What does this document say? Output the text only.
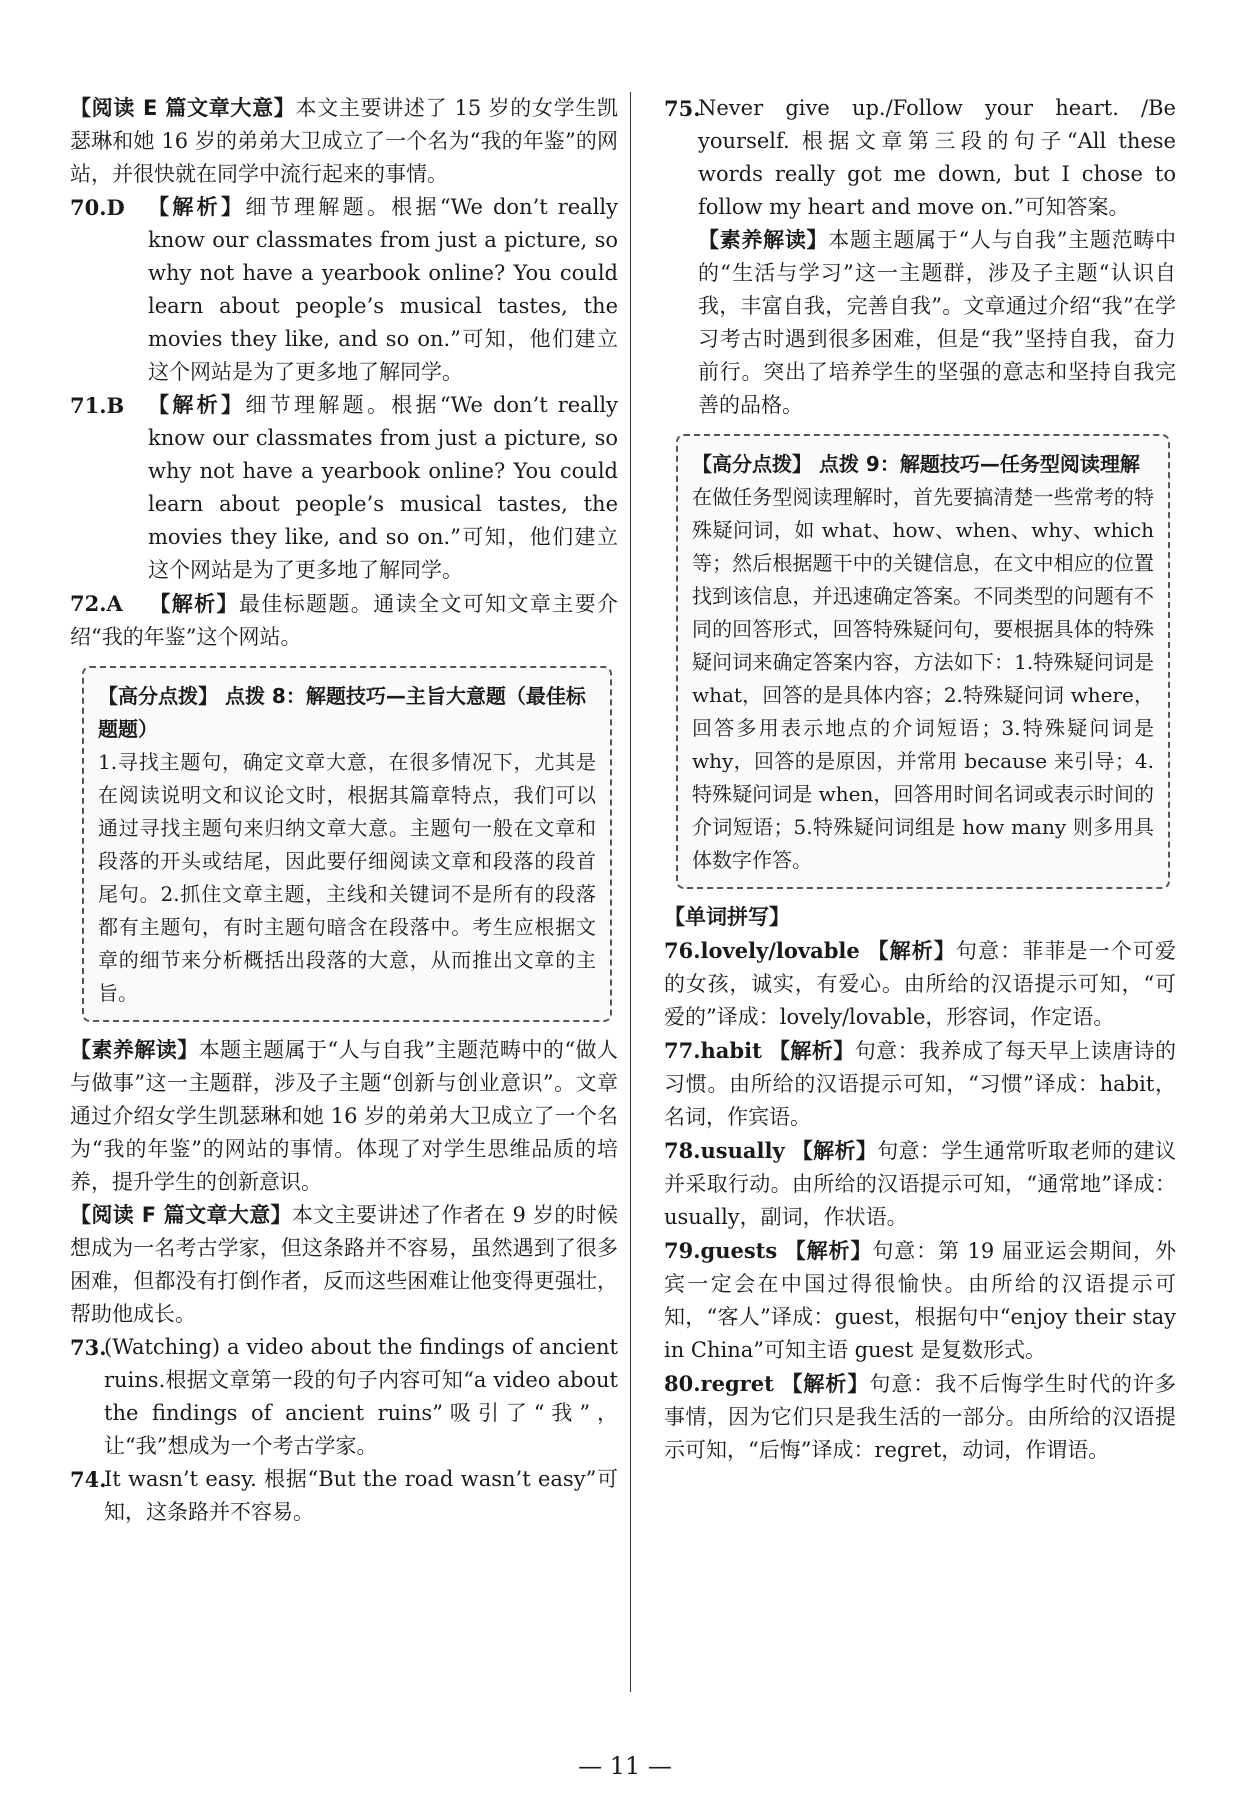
【阅读 E 篇文章大意】本文主要讲述了 15 岁的女学生凯瑟琳和她 16 岁的弟弟大卫成立了一个名为“我的年鉴”的网站，并很快就在同学中流行起来的事情。

70.D 【解析】细节理解题。根据“We don’t really know our classmates from just a picture, so why not have a yearbook online? You could learn about people’s musical tastes, the movies they like, and so on.”可知，他们建立这个网站是为了更多地了解同学。

71.B 【解析】细节理解题。根据“We don’t really know our classmates from just a picture, so why not have a yearbook online? You could learn about people’s musical tastes, the movies they like, and so on.”可知，他们建立这个网站是为了更多地了解同学。

72.A 【解析】最佳标题题。通读全文可知文章主要介绍“我的年鉴”这个网站。

【高分点拨】 点拨 8：解题技巧—主旨大意题（最佳标题题）

1.寻找主题句，确定文章大意，在很多情况下，尤其是在阅读说明文和议论文时，根据其篇章特点，我们可以通过寻找主题句来归纳文章大意。主题句一般在文章和段落的开头或结尾，因此要仔细阅读文章和段落的段首尾句。2.抓住文章主题，主线和关键词不是所有的段落都有主题句，有时主题句暗含在段落中。考生应根据文章的细节来分析概括出段落的大意，从而推出文章的主旨。

【素养解读】本题主题属于“人与自我”主题范畴中的“做人与做事”这一主题群，涉及子主题“创新与创业意识”。文章通过介绍女学生凯瑟琳和她 16 岁的弟弟大卫成立了一个名为“我的年鉴”的网站的事情。体现了对学生思维品质的培养，提升学生的创新意识。

【阅读 F 篇文章大意】本文主要讲述了作者在 9 岁的时候想成为一名考古学家，但这条路并不容易，虽然遇到了很多困难，但都没有打倒作者，反而这些困难让他变得更强壮，帮助他成长。

73.
(Watching) a video about the findings of ancient ruins.根据文章第一段的句子内容可知“a video about the findings of ancient ruins”吸引了“我”，让“我”想成为一个考古学家。

74.
It wasn’t easy. 根据“But the road wasn’t easy”可知，这条路并不容易。

75.
Never give up./Follow your heart. /Be yourself. 根据文章第三段的句子“All these words really got me down, but I chose to follow my heart and move on.”可知答案。

【素养解读】本题主题属于“人与自我”主题范畴中的“生活与学习”这一主题群，涉及子主题“认识自我，丰富自我，完善自我”。文章通过介绍“我”在学习考古时遇到很多困难，但是“我”坚持自我，奋力前行。突出了培养学生的坚强的意志和坚持自我完善的品格。

【高分点拨】 点拨 9：解题技巧—任务型阅读理解

在做任务型阅读理解时，首先要搞清楚一些常考的特殊疑问词，如 what、how、when、why、which 等；然后根据题干中的关键信息，在文中相应的位置找到该信息，并迅速确定答案。不同类型的问题有不同的回答形式，回答特殊疑问句，要根据具体的特殊疑问词来确定答案内容，方法如下：1.特殊疑问词是 what，回答的是具体内容；2.特殊疑问词 where，回答多用表示地点的介词短语；3.特殊疑问词是 why，回答的是原因，并常用 because 来引导；4.特殊疑问词是 when，回答用时间名词或表示时间的介词短语；5.特殊疑问词组是 how many 则多用具体数字作答。

【单词拼写】

76.lovely/lovable 【解析】句意：菲菲是一个可爱的女孩，诚实，有爱心。由所给的汉语提示可知，“可爱的”译成：lovely/lovable，形容词，作定语。

77.habit 【解析】句意：我养成了每天早上读唐诗的习惯。由所给的汉语提示可知，“习惯”译成：habit，名词，作宾语。

78.usually 【解析】句意：学生通常听取老师的建议并采取行动。由所给的汉语提示可知，“通常地”译成：usually，副词，作状语。

79.guests 【解析】句意：第 19 届亚运会期间，外宾一定会在中国过得很愉快。由所给的汉语提示可知，“客人”译成：guest，根据句中“enjoy their stay in China”可知主语 guest 是复数形式。

80.regret 【解析】句意：我不后悔学生时代的许多事情，因为它们只是我生活的一部分。由所给的汉语提示可知，“后悔”译成：regret，动词，作谓语。

— 11 —
